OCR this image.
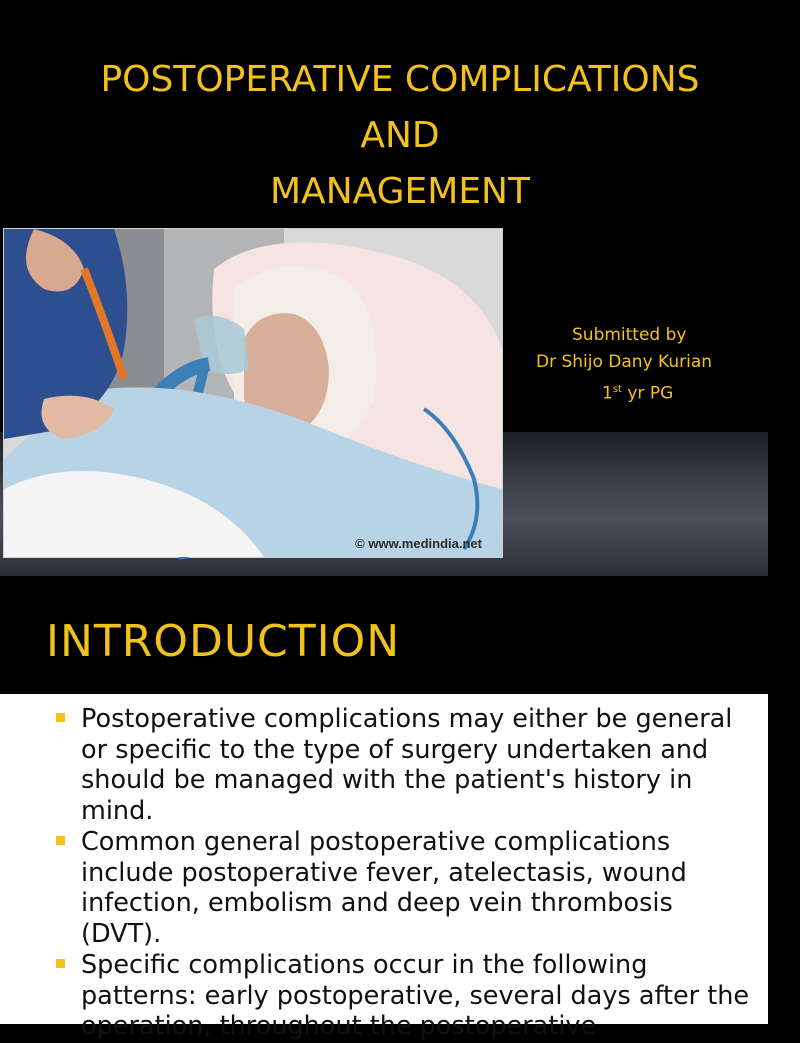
POSTOPERATIVE COMPLICATIONS
AND
MANAGEMENT
© www.medindia.net
Submitted by
Dr Shijo Dany Kurian
1st yr PG
INTRODUCTION
Postoperative complications may either be general or specific to the type of surgery undertaken and should be managed with the patient's history in mind.
Common general postoperative complications include postoperative fever, atelectasis, wound infection, embolism and deep vein thrombosis (DVT).
Specific complications occur in the following patterns: early postoperative, several days after the operation, throughout the postoperative
